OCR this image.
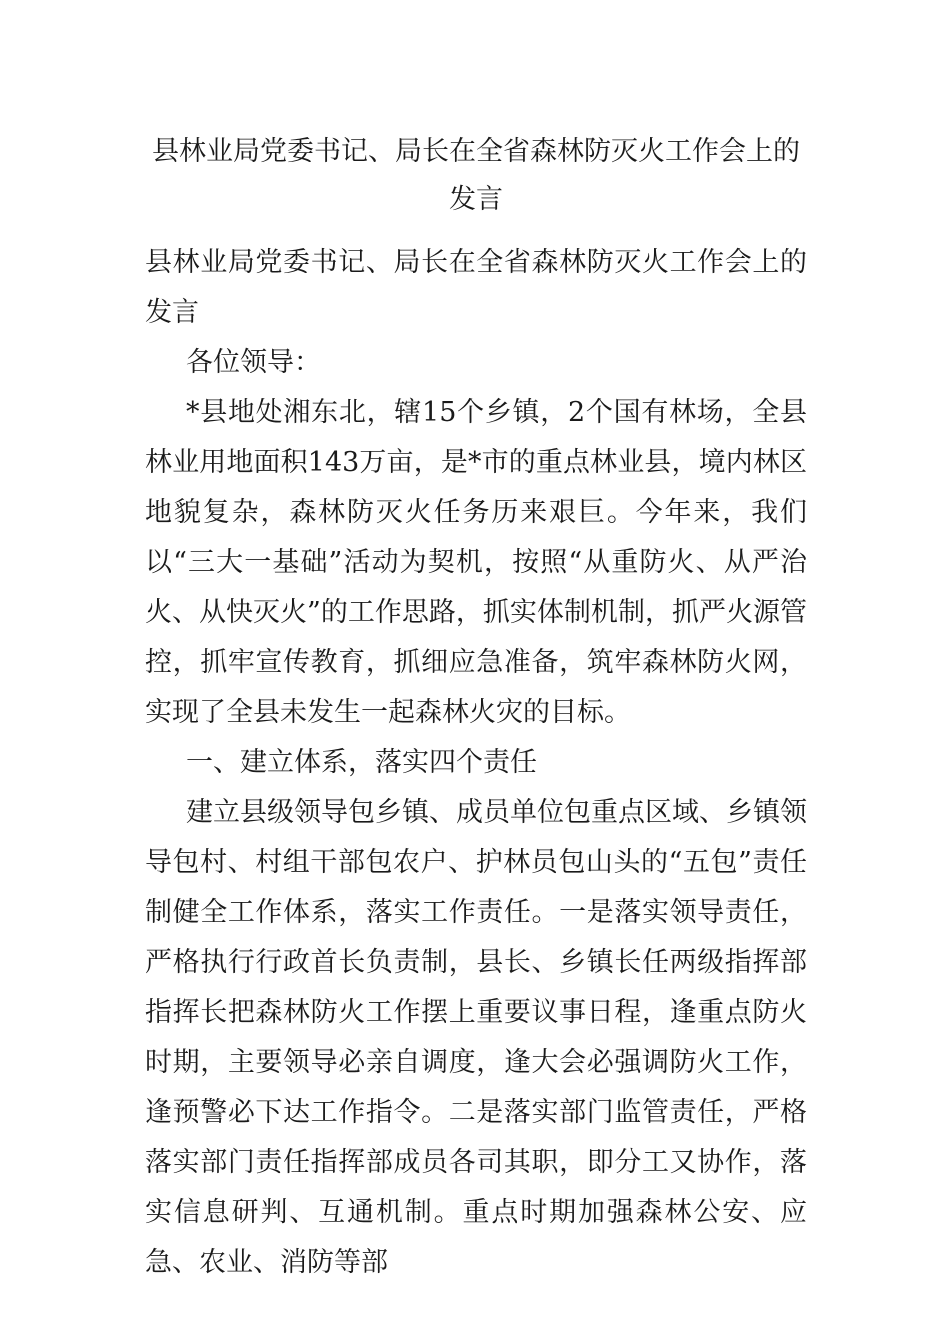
县林业局党委书记、局长在全省森林防灭火工作会上的发言

县林业局党委书记、局长在全省森林防灭火工作会上的发言

各位领导：

*县地处湘东北，辖15个乡镇，2个国有林场，全县林业用地面积143万亩，是*市的重点林业县，境内林区地貌复杂，森林防灭火任务历来艰巨。今年来，我们以“三大一基础”活动为契机，按照“从重防火、从严治火、从快灭火”的工作思路，抓实体制机制，抓严火源管控，抓牢宣传教育，抓细应急准备，筑牢森林防火网，实现了全县未发生一起森林火灾的目标。

一、建立体系，落实四个责任

建立县级领导包乡镇、成员单位包重点区域、乡镇领导包村、村组干部包农户、护林员包山头的“五包”责任制健全工作体系，落实工作责任。一是落实领导责任，严格执行行政首长负责制，县长、乡镇长任两级指挥部指挥长把森林防火工作摆上重要议事日程，逢重点防火时期，主要领导必亲自调度，逢大会必强调防火工作，逢预警必下达工作指令。二是落实部门监管责任，严格落实部门责任指挥部成员各司其职，即分工又协作，落实信息研判、互通机制。重点时期加强森林公安、应急、农业、消防等部
